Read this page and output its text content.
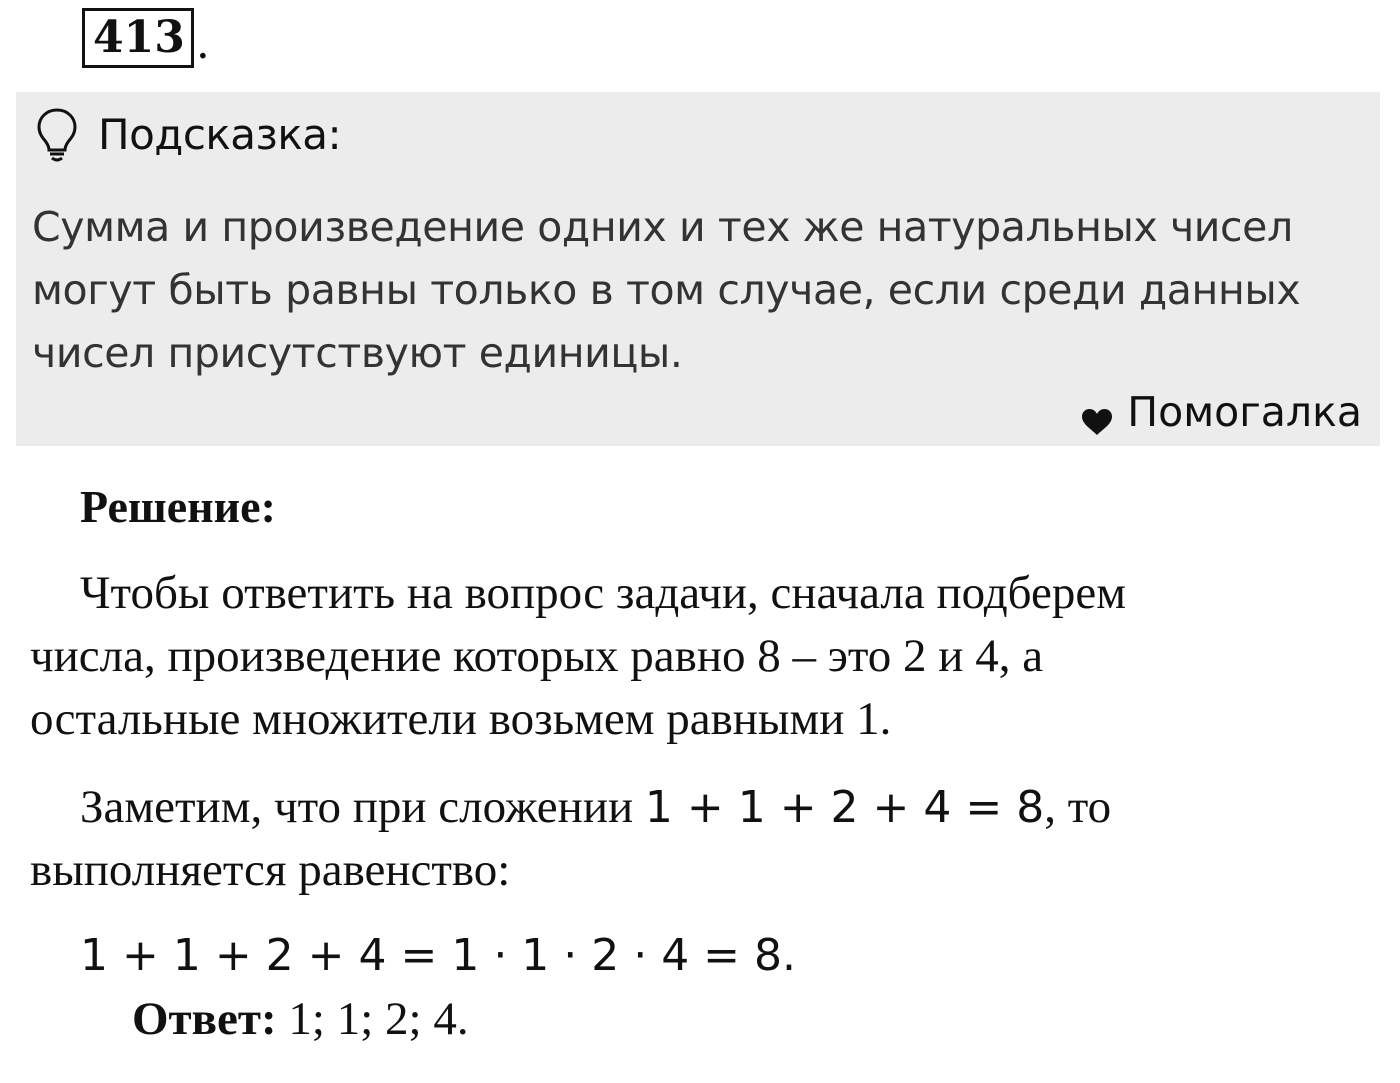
413 .
Подсказка:
Сумма и произведение одних и тех же натуральных чисел
могут быть равны только в том случае, если среди данных
чисел присутствуют единицы.
Помогалка
Решение:
Чтобы ответить на вопрос задачи, сначала подберем
числа, произведение которых равно 8 – это 2 и 4, а
остальные множители возьмем равными 1.
Заметим, что при сложении 1 + 1 + 2 + 4 = 8, то
выполняется равенство:
1 + 1 + 2 + 4 = 1 · 1 · 2 · 4 = 8.
Ответ: 1; 1; 2; 4.
